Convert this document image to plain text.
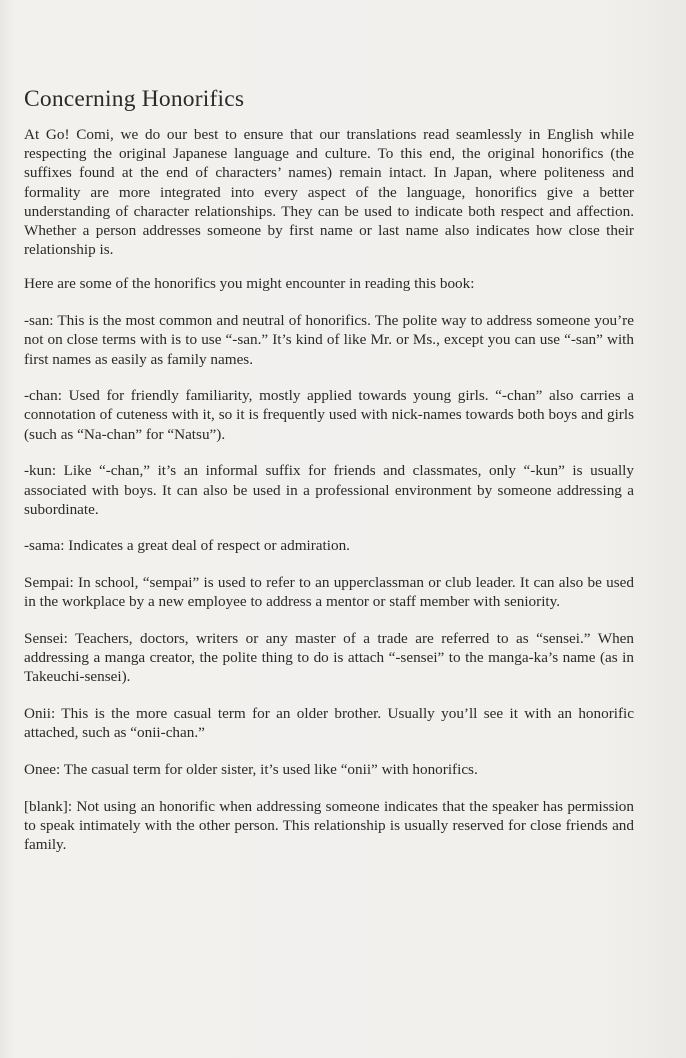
Concerning Honorifics

At Go! Comi, we do our best to ensure that our translations read seamlessly in English while respecting the original Japanese language and culture. To this end, the original honorifics (the suffixes found at the end of characters’ names) remain intact. In Japan, where politeness and formality are more integrated into every aspect of the language, honorifics give a better understanding of character relationships. They can be used to indicate both respect and affection. Whether a person addresses someone by first name or last name also indicates how close their relationship is.

Here are some of the honorifics you might encounter in reading this book:

-san: This is the most common and neutral of honorifics. The polite way to address someone you’re not on close terms with is to use “-san.” It’s kind of like Mr. or Ms., except you can use “-san” with first names as easily as family names.

-chan: Used for friendly familiarity, mostly applied towards young girls. “-chan” also carries a connotation of cuteness with it, so it is frequently used with nick-names towards both boys and girls (such as “Na-chan” for “Natsu”).

-kun: Like “-chan,” it’s an informal suffix for friends and classmates, only “-kun” is usually associated with boys. It can also be used in a professional environment by someone addressing a subordinate.

-sama: Indicates a great deal of respect or admiration.

Sempai: In school, “sempai” is used to refer to an upperclassman or club leader. It can also be used in the workplace by a new employee to address a mentor or staff member with seniority.

Sensei: Teachers, doctors, writers or any master of a trade are referred to as “sensei.” When addressing a manga creator, the polite thing to do is attach “-sensei” to the manga-ka’s name (as in Takeuchi-sensei).

Onii: This is the more casual term for an older brother. Usually you’ll see it with an honorific attached, such as “onii-chan.”

Onee: The casual term for older sister, it’s used like “onii” with honorifics.

[blank]: Not using an honorific when addressing someone indicates that the speaker has permission to speak intimately with the other person. This relationship is usually reserved for close friends and family.
